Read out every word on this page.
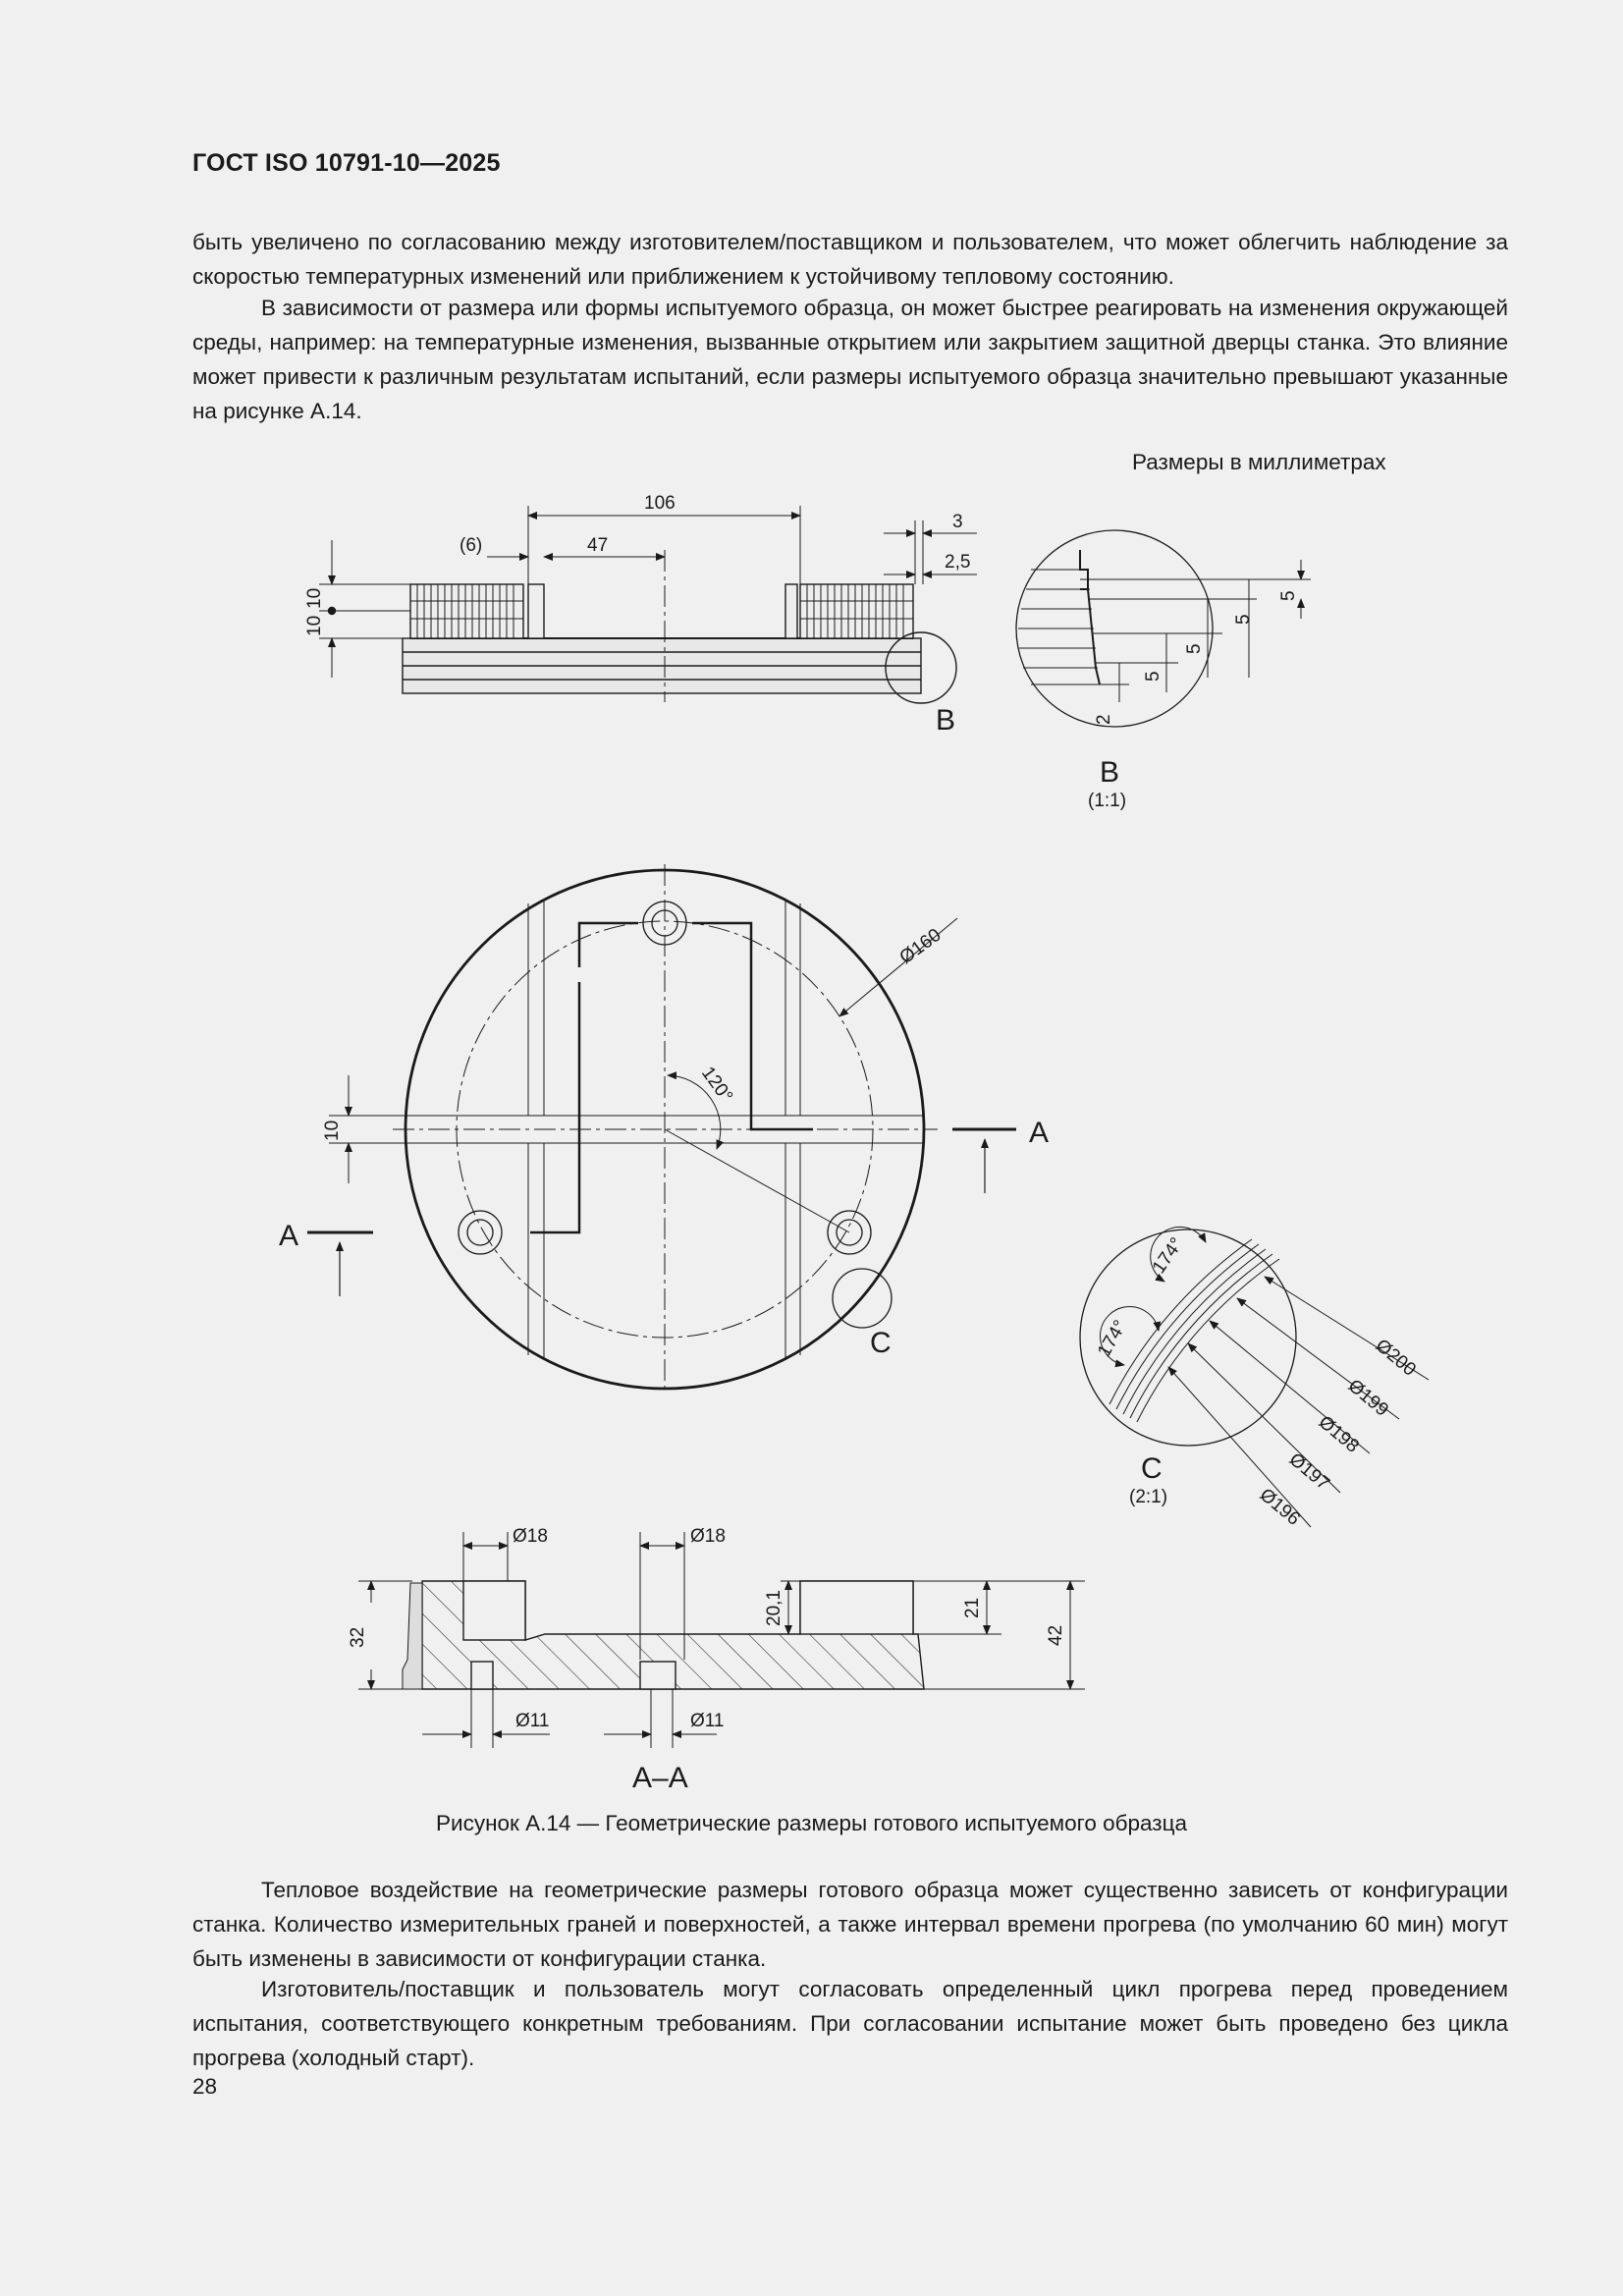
ГОСТ ISO 10791-10—2025

быть увеличено по согласованию между изготовителем/поставщиком и пользователем, что может облегчить наблюдение за скоростью температурных изменений или приближением к устойчивому тепловому состоянию.

В зависимости от размера или формы испытуемого образца, он может быстрее реагировать на изменения окружающей среды, например: на температурные изменения, вызванные открытием или закрытием защитной дверцы станка. Это влияние может привести к различным результатам испытаний, если размеры испытуемого образца значительно превышают указанные на рисунке А.14.

Размеры в миллиметрах
106
47
(6)
3
2,5
10
10
B
5
5
5
5
2
B
(1:1)
Ø160
120°
10	A
A
C
174°
174°	Ø200
Ø199
Ø198
Ø197
Ø196
C
(2:1)
Ø18	Ø18
Ø11	Ø11
32
20,1	21
42
A–A
Рисунок А.14 — Геометрические размеры готового испытуемого образца

Тепловое воздействие на геометрические размеры готового образца может существенно зависеть от конфигурации станка. Количество измерительных граней и поверхностей, а также интервал времени прогрева (по умолчанию 60 мин) могут быть изменены в зависимости от конфигурации станка.

Изготовитель/поставщик и пользователь могут согласовать определенный цикл прогрева перед проведением испытания, соответствующего конкретным требованиям. При согласовании испытание может быть проведено без цикла прогрева (холодный старт).

28
